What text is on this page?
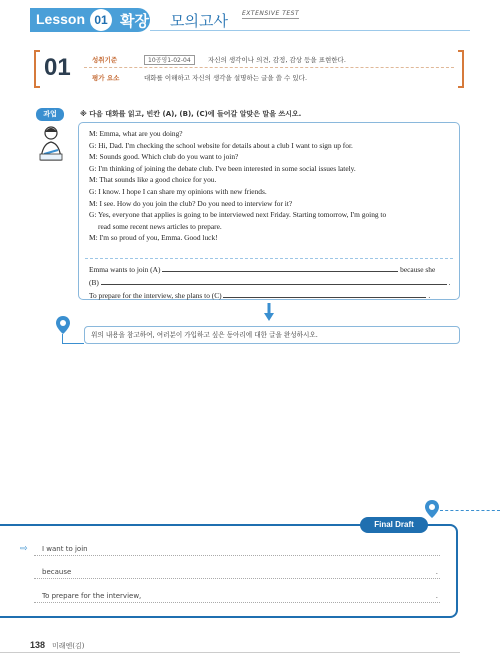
Lesson 01 확장형 모의고사 EXTENSIVE TEST
01	성취기준	10공영1-02-04	자신의 생각이나 의견, 감정, 감상 등을 표현한다.
평가 요소	대화를 이해하고 자신의 생각을 설명하는 글을 쓸 수 있다.
과업	※ 다음 대화를 읽고, 빈칸 (A), (B), (C)에 들어갈 알맞은 말을 쓰시오.
M: Emma, what are you doing?
G: Hi, Dad. I'm checking the school website for details about a club I want to sign up for.
M: Sounds good. Which club do you want to join?
G: I'm thinking of joining the debate club. I've been interested in some social issues lately.
M: That sounds like a good choice for you.
G: I know. I hope I can share my opinions with new friends.
M: I see. How do you join the club? Do you need to interview for it?
G: Yes, everyone that applies is going to be interviewed next Friday. Starting tomorrow, I'm going to
read some recent news articles to prepare.
M: I'm so proud of you, Emma. Good luck!
Emma wants to join (A)	because she
(B)	.
To prepare for the interview, she plans to (C)	.
위의 내용을 참고하여, 여러분이 가입하고 싶은 동아리에 대한 글을 완성하시오.
Final Draft
⇨ I want to join
because	.
To prepare for the interview,	.
138 미래엔(김)
